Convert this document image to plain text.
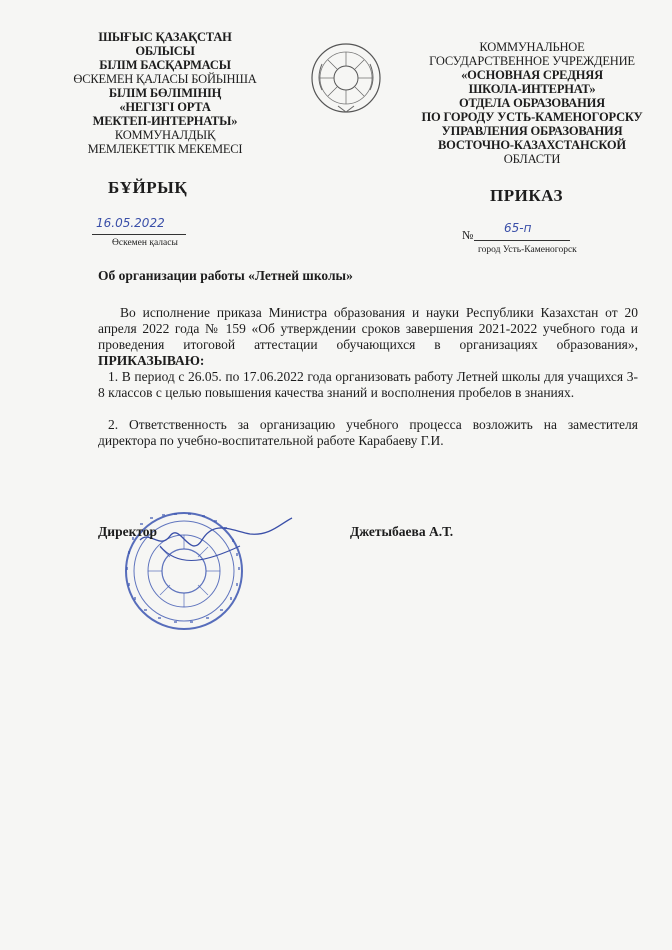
ШЫҒЫС ҚАЗАҚСТАН
ОБЛЫСЫ
БІЛІМ БАСҚАРМАСЫ
ӨСКЕМЕН ҚАЛАСЫ БОЙЫНША
БІЛІМ БӨЛІМІНІҢ
«НЕГІЗГІ ОРТА
МЕКТЕП-ИНТЕРНАТЫ»
КОММУНАЛДЫҚ
МЕМЛЕКЕТТІК МЕКЕМЕСІ
КОММУНАЛЬНОЕ
ГОСУДАРСТВЕННОЕ УЧРЕЖДЕНИЕ
«ОСНОВНАЯ СРЕДНЯЯ
ШКОЛА-ИНТЕРНАТ»
ОТДЕЛА ОБРАЗОВАНИЯ
ПО ГОРОДУ УСТЬ-КАМЕНОГОРСКУ
УПРАВЛЕНИЯ ОБРАЗОВАНИЯ
ВОСТОЧНО-КАЗАХСТАНСКОЙ
ОБЛАСТИ
БҰЙРЫҚ	ПРИКАЗ
16.05.2022
Өскемен қаласы
№	65-п
город Усть-Каменогорск
Об организации работы «Летней школы»

Во исполнение приказа Министра образования и науки Республики Казахстан от 20 апреля 2022 года № 159 «Об утверждении сроков завершения 2021-2022 учебного года и проведения итоговой аттестации обучающихся в организациях образования», ПРИКАЗЫВАЮ:

1. В период с 26.05. по 17.06.2022 года организовать работу Летней школы для учащихся 3-8 классов с целью повышения качества знаний и восполнения пробелов в знаниях.

2. Ответственность за организацию учебного процесса возложить на заместителя директора по учебно-воспитательной работе Карабаеву Г.И.

Директор	Джетыбаева А.Т.
